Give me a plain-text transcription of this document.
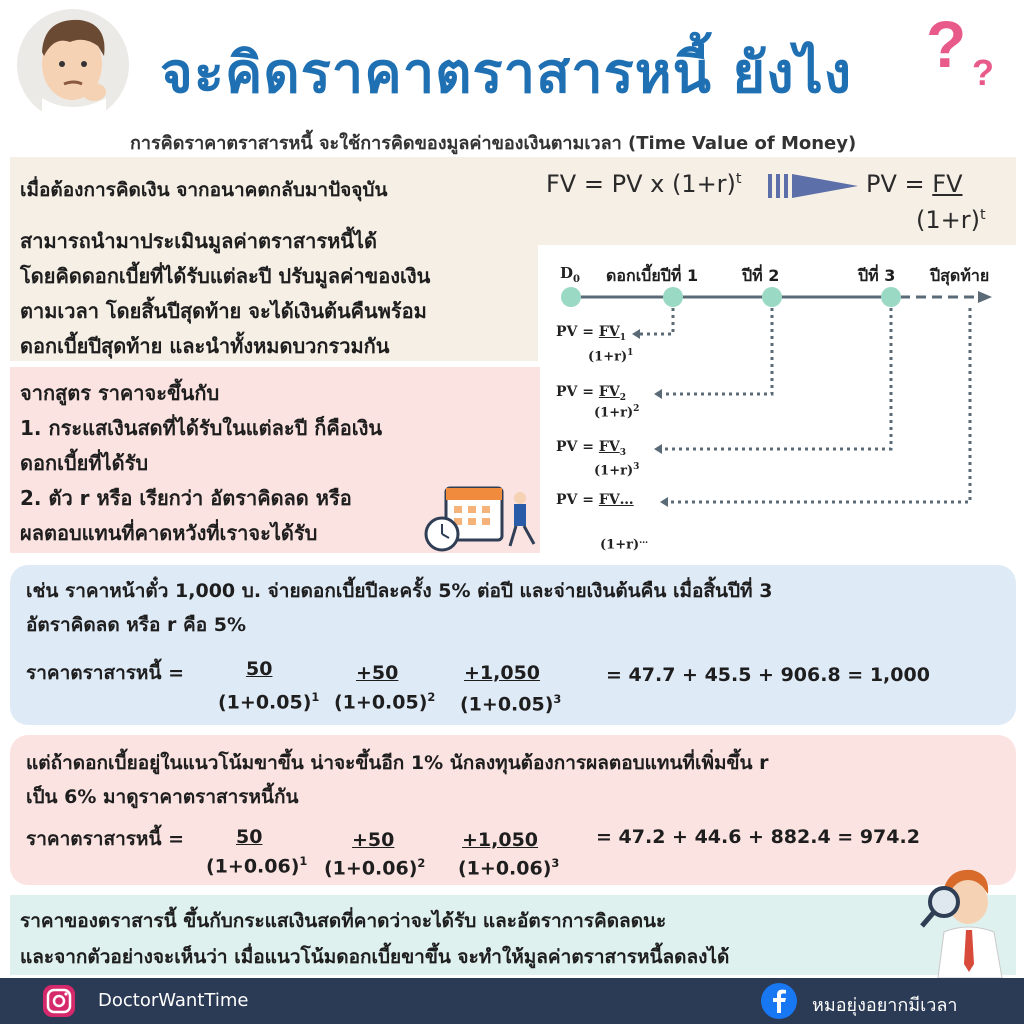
จะคิดราคาตราสารหนี้ ยังไง ? ?
การคิดราคาตราสารหนี้ จะใช้การคิดของมูลค่าของเงินตามเวลา (Time Value of Money)
เมื่อต้องการคิดเงิน จากอนาคตกลับมาปัจจุบัน	FV = PV x $(1+r)^t$	PV = FV
$(1+r)^t$
สามารถนำมาประเมินมูลค่าตราสารหนี้ได้
โดยคิดดอกเบี้ยที่ได้รับแต่ละปี ปรับมูลค่าของเงิน
ตามเวลา โดยสิ้นปีสุดท้าย จะได้เงินต้นคืนพร้อม
ดอกเบี้ยปีสุดท้าย และนำทั้งหมดบวกรวมกัน
จากสูตร ราคาจะขึ้นกับ
1. กระแสเงินสดที่ได้รับในแต่ละปี ก็คือเงิน
ดอกเบี้ยที่ได้รับ
2. ตัว r หรือ เรียกว่า อัตราคิดลด หรือ
ผลตอบแทนที่คาดหวังที่เราจะได้รับ
$D_0$ ดอกเบี้ยปีที่ 1	ปีที่ 2	ปีที่ 3 ปีสุดท้าย
PV = $FV_1$
$(1+r)^1$
PV = $FV_2$
$(1+r)^2$
PV = $FV_3$
$(1+r)^3$
PV = FV…
(1+r)…
เช่น ราคาหน้าตั๋ว 1,000 บ. จ่ายดอกเบี้ยปีละครั้ง 5% ต่อปี และจ่ายเงินต้นคืน เมื่อสิ้นปีที่ 3
อัตราคิดลด หรือ r คือ 5%
ราคาตราสารหนี้ =	50	+50	+1,050
$(1+0.05)^1$ $(1+0.05)^2$ $(1+0.05)^3$
= 47.7 + 45.5 + 906.8 = 1,000
แต่ถ้าดอกเบี้ยอยู่ในแนวโน้มขาขึ้น น่าจะขึ้นอีก 1% นักลงทุนต้องการผลตอบแทนที่เพิ่มขึ้น r
เป็น 6% มาดูราคาตราสารหนี้กัน
ราคาตราสารหนี้ =	50	+50	+1,050
$(1+0.06)^1$ $(1+0.06)^2$ $(1+0.06)^3$
= 47.2 + 44.6 + 882.4 = 974.2
ราคาของตราสารนี้ ขึ้นกับกระแสเงินสดที่คาดว่าจะได้รับ และอัตราการคิดลดนะ
และจากตัวอย่างจะเห็นว่า เมื่อแนวโน้มดอกเบี้ยขาขึ้น จะทำให้มูลค่าตราสารหนี้ลดลงได้
DoctorWantTime	หมอยุ่งอยากมีเวลา
